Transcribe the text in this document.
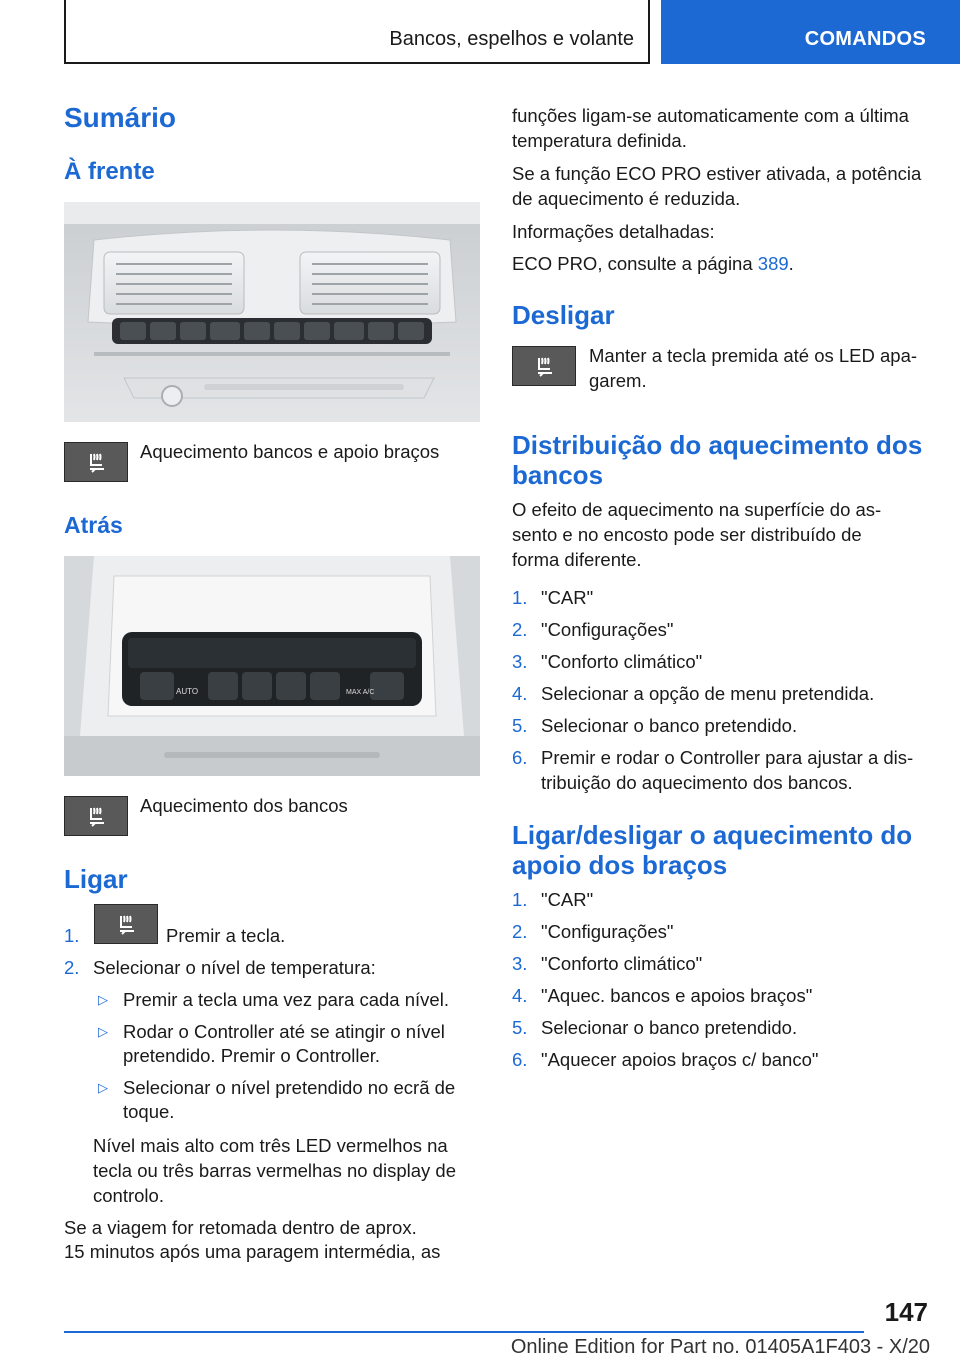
Bancos, espelhos e volante	COMANDOS
Sumário
À frente
Aquecimento bancos e apoio braços
Atrás
AUTO	MAX A/C
Aquecimento dos bancos
Ligar
1.	Premir a tecla.
2. Selecionar o nível de temperatura:
▷ Premir a tecla uma vez para cada nível.
▷ Rodar o Controller até se atingir o nível
pretendido. Premir o Controller.
▷ Selecionar o nível pretendido no ecrã de
toque.
Nível mais alto com três LED vermelhos na
tecla ou três barras vermelhas no display de
controlo.
Se a viagem for retomada dentro de aprox.
15 minutos após uma paragem intermédia, as
funções ligam-se automaticamente com a última
temperatura definida.
Se a função ECO PRO estiver ativada, a potência
de aquecimento é reduzida.
Informações detalhadas:
ECO PRO, consulte a página 389.
Desligar
Manter a tecla premida até os LED apa-
garem.
Distribuição do aquecimento dos
bancos
O efeito de aquecimento na superfície do as-
sento e no encosto pode ser distribuído de
forma diferente.
1. "CAR"
2. "Configurações"
3. "Conforto climático"
4. Selecionar a opção de menu pretendida.
5. Selecionar o banco pretendido.
6. Premir e rodar o Controller para ajustar a dis-
tribuição do aquecimento dos bancos.
Ligar/desligar o aquecimento do
apoio dos braços
1. "CAR"
2. "Configurações"
3. "Conforto climático"
4. "Aquec. bancos e apoios braços"
5. Selecionar o banco pretendido.
6. "Aquecer apoios braços c/ banco"
147
Online Edition for Part no. 01405A1F403 - X/20
